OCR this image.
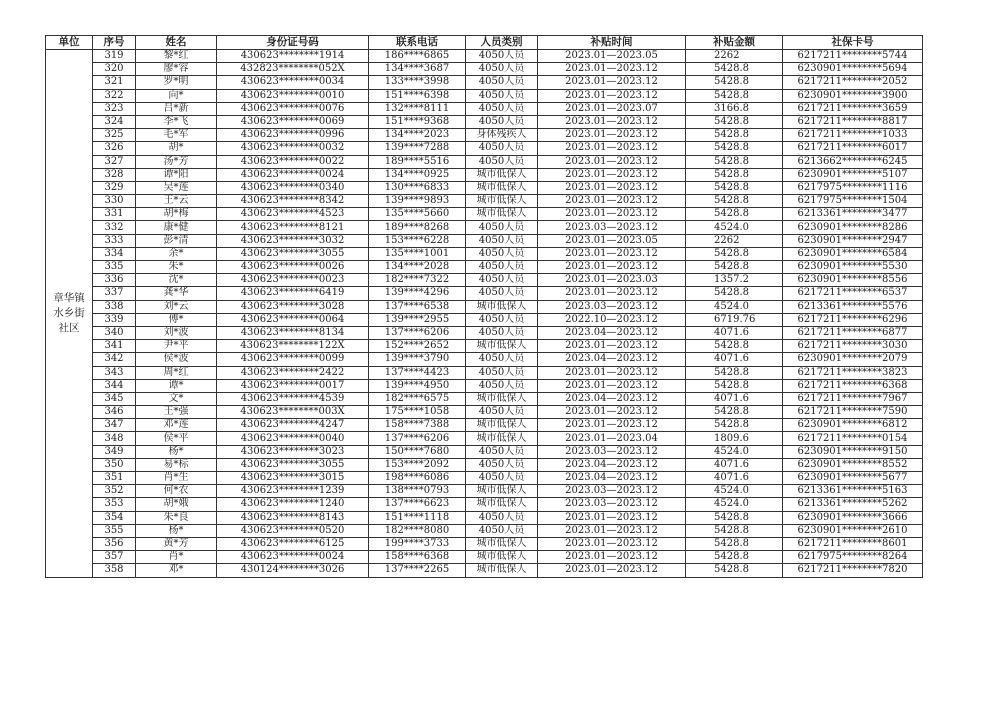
单位	序号	姓名	身份证号码	联系电话	人员类别	补贴时间	补贴金额	社保卡号

章华镇
水乡街
社区	319	黎*红	430623********1914	186****6865	4050人员	2023.01—2023.05	2262	6217211********5744
	320	廖*容	432823********052X	134****3687	4050人员	2023.01—2023.12	5428.8	6230901********5694
	321	罗*明	430623********0034	133****3998	4050人员	2023.01—2023.12	5428.8	6217211********2052
	322	向*	430623********0010	151****6398	4050人员	2023.01—2023.12	5428.8	6230901********3900
	323	吕*新	430623********0076	132****8111	4050人员	2023.01—2023.07	3166.8	6217211********3659
	324	李*飞	430623********0069	151****9368	4050人员	2023.01—2023.12	5428.8	6217211********8817
	325	毛*军	430623********0996	134****2023	身体残疾人	2023.01—2023.12	5428.8	6217211********1033
	326	胡*	430623********0032	139****7288	4050人员	2023.01—2023.12	5428.8	6217211********6017
	327	汤*芳	430623********0022	189****5516	4050人员	2023.01—2023.12	5428.8	6213662********6245
	328	谭*阳	430623********0024	134****0925	城市低保人	2023.01—2023.12	5428.8	6230901********5107
	329	吴*莲	430623********0340	130****6833	城市低保人	2023.01—2023.12	5428.8	6217975********1116
	330	王*云	430623********8342	139****9893	城市低保人	2023.01—2023.12	5428.8	6217975********1504
	331	胡*梅	430623********4523	135****5660	城市低保人	2023.01—2023.12	5428.8	6213361********3477
	332	康*健	430623********8121	189****8268	4050人员	2023.03—2023.12	4524.0	6230901********8286
	333	彭*清	430623********3032	153****6228	4050人员	2023.01—2023.05	2262	6230901********2947
	334	余*	430623********3055	135****1001	4050人员	2023.01—2023.12	5428.8	6230901********6584
	335	朱*	430623********0026	134****2028	4050人员	2023.01—2023.12	5428.8	6230901********5530
	336	沈*	430623********0023	182****7322	4050人员	2023.01—2023.03	1357.2	6230901********8556
	337	龚*华	430623********6419	139****4296	4050人员	2023.01—2023.12	5428.8	6217211********6537
	338	刘*云	430623********3028	137****6538	城市低保人	2023.03—2023.12	4524.0	6213361********5576
	339	傅*	430623********0064	139****2955	4050人员	2022.10—2023.12	6719.76	6217211********6296
	340	刘*波	430623********8134	137****6206	4050人员	2023.04—2023.12	4071.6	6217211********6877
	341	尹*平	430623********122X	152****2652	城市低保人	2023.01—2023.12	5428.8	6217211********3030
	342	侯*波	430623********0099	139****3790	4050人员	2023.04—2023.12	4071.6	6230901********2079
	343	周*红	430623********2422	137****4423	4050人员	2023.01—2023.12	5428.8	6217211********3823
	344	谭*	430623********0017	139****4950	4050人员	2023.01—2023.12	5428.8	6217211********6368
	345	文*	430623********4539	182****6575	城市低保人	2023.04—2023.12	4071.6	6217211********7967
	346	王*强	430623********003X	175****1058	4050人员	2023.01—2023.12	5428.8	6217211********7590
	347	邓*莲	430623********4247	158****7388	城市低保人	2023.01—2023.12	5428.8	6230901********6812
	348	侯*平	430623********0040	137****6206	城市低保人	2023.01—2023.04	1809.6	6217211********0154
	349	杨*	430623********3023	150****7680	4050人员	2023.03—2023.12	4524.0	6230901********9150
	350	易*标	430623********3055	153****2092	4050人员	2023.04—2023.12	4071.6	6230901********8552
	351	肖*生	430623********3015	198****6086	4050人员	2023.04—2023.12	4071.6	6230901********5677
	352	何*农	430623********1239	138****0793	城市低保人	2023.03—2023.12	4524.0	6213361********5163
	353	胡*娥	430623********1240	137****6623	城市低保人	2023.03—2023.12	4524.0	6213361********5262
	354	朱*良	430623********8143	151****1118	4050人员	2023.01—2023.12	5428.8	6230901********3666
	355	杨*	430623********0520	182****8080	4050人员	2023.01—2023.12	5428.8	6230901********2610
	356	黄*芳	430623********6125	199****3733	城市低保人	2023.01—2023.12	5428.8	6217211********8601
	357	肖*	430623********0024	158****6368	城市低保人	2023.01—2023.12	5428.8	6217975********8264
	358	邓*	430124********3026	137****2265	城市低保人	2023.01—2023.12	5428.8	6217211********7820
